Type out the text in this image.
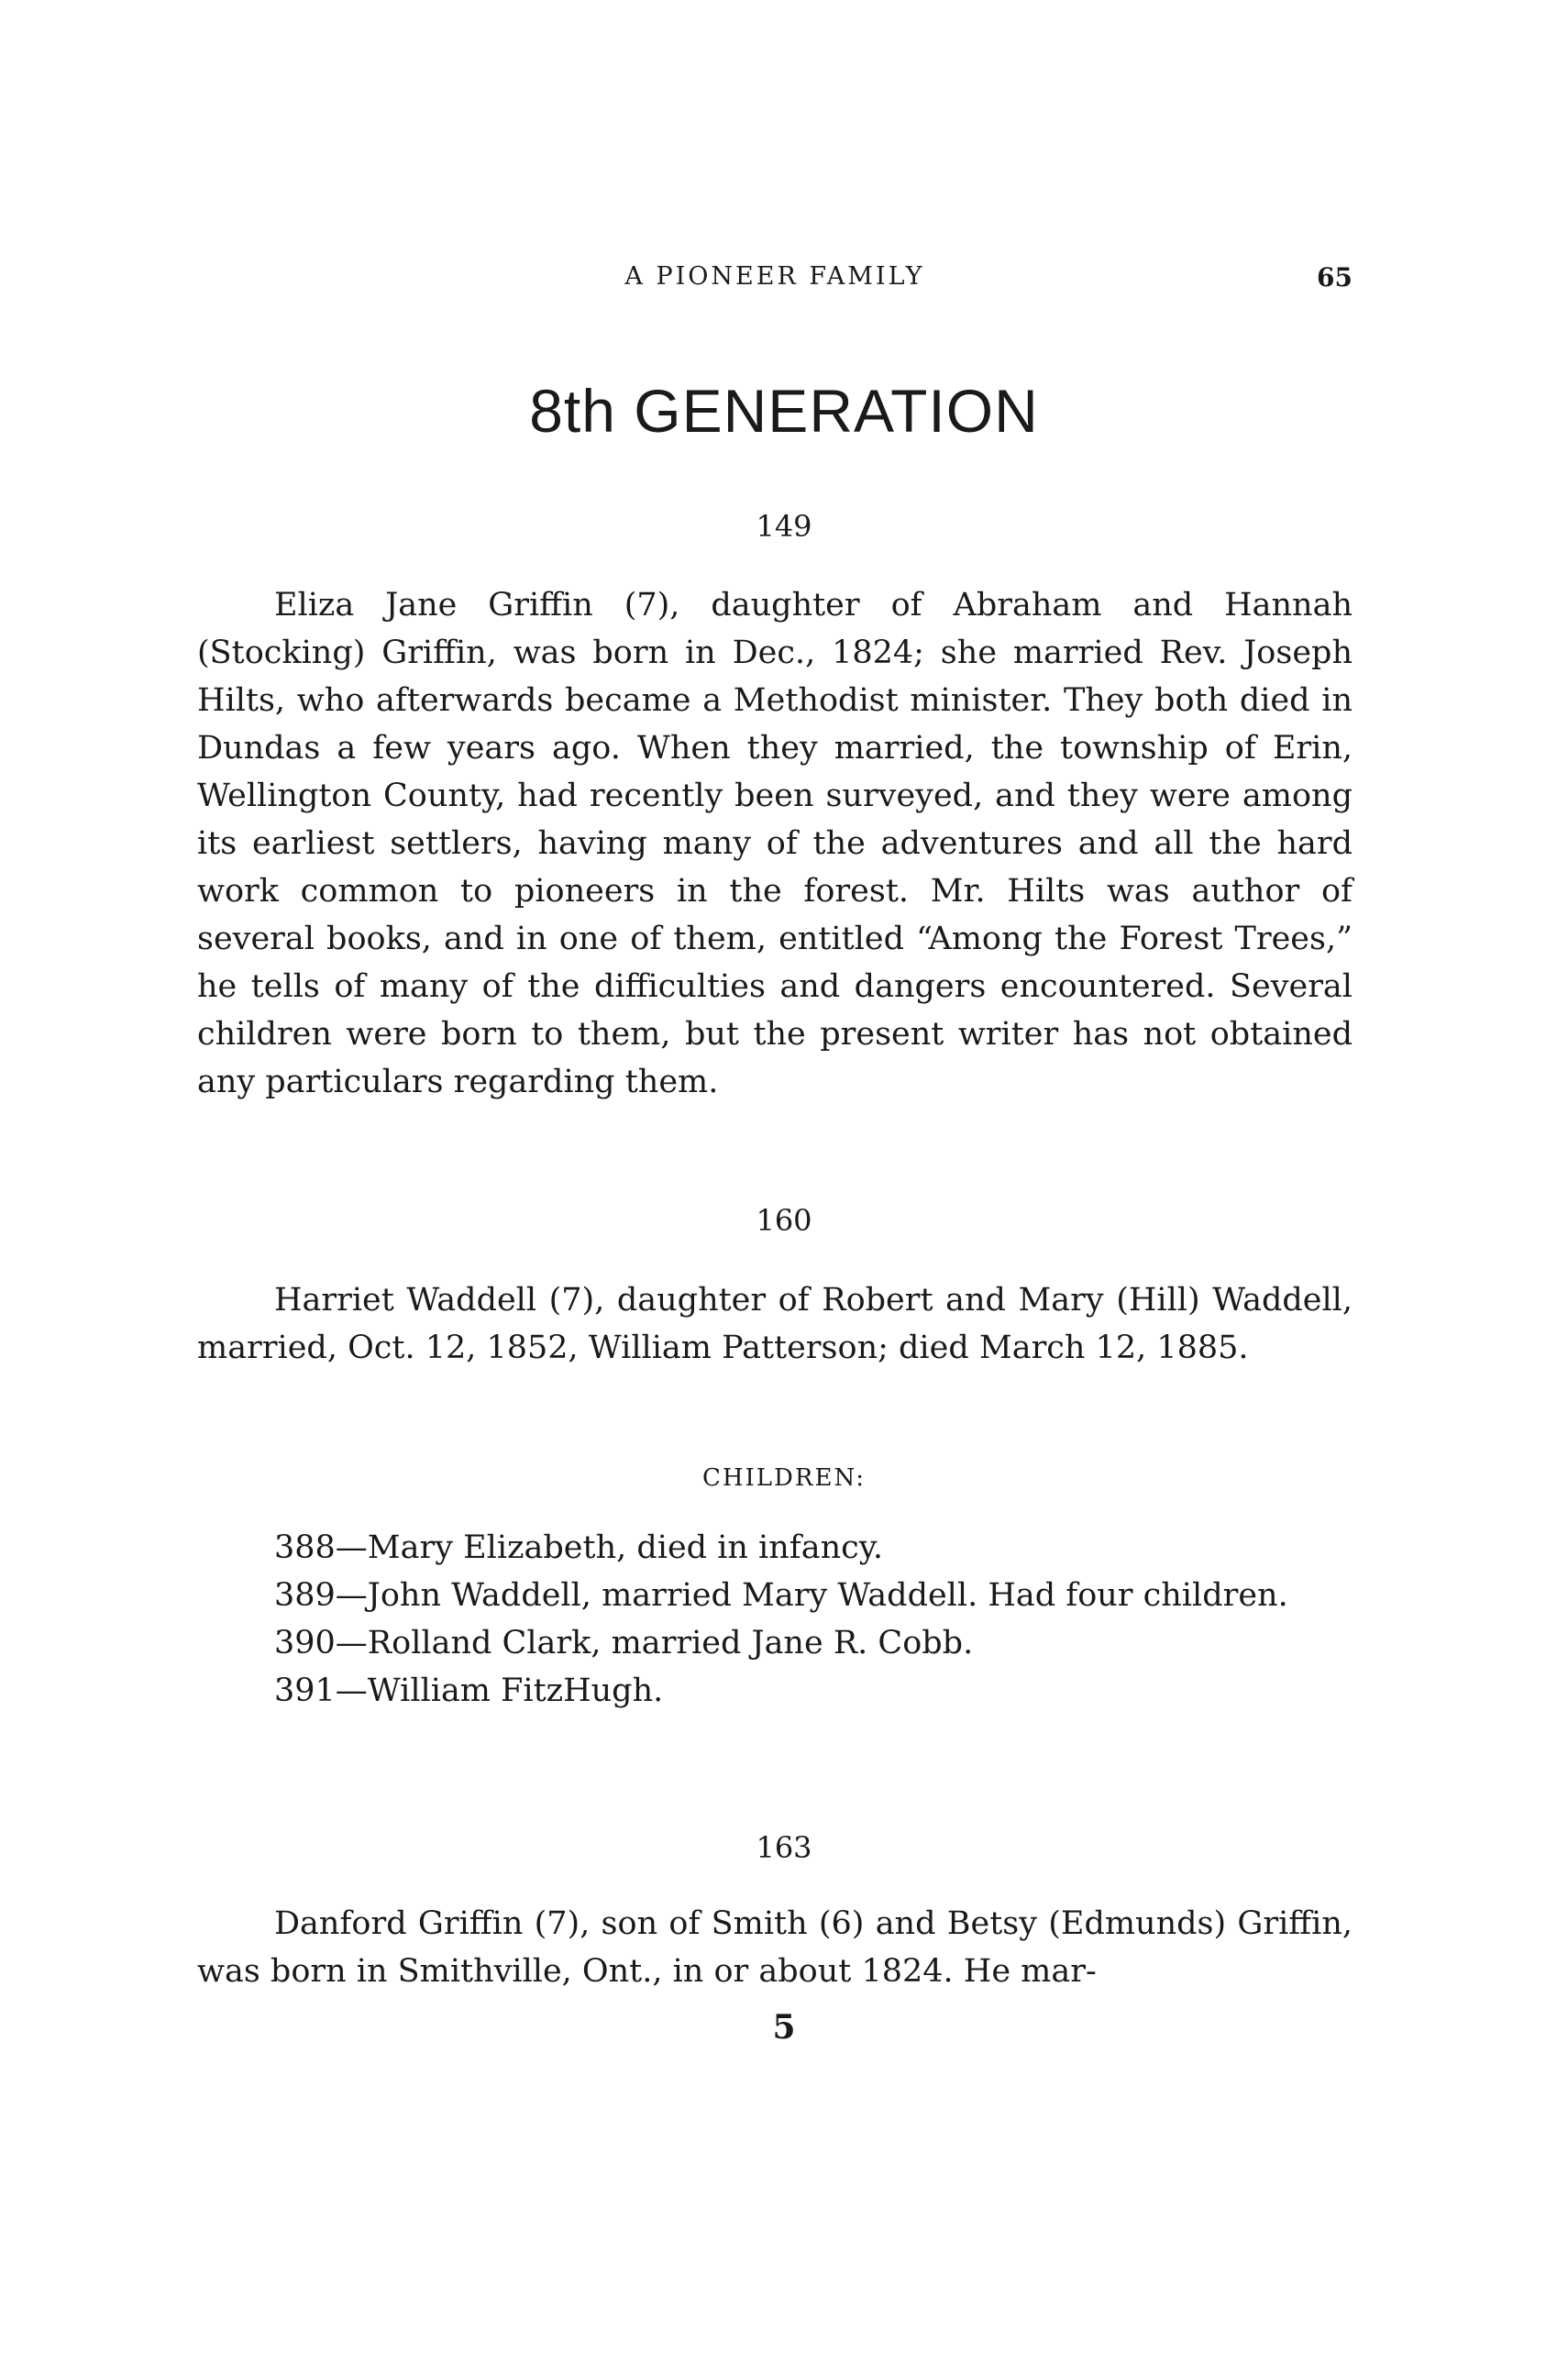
A PIONEER FAMILY	65
8th GENERATION
149

Eliza Jane Griffin (7), daughter of Abraham and Hannah (Stocking) Griffin, was born in Dec., 1824; she married Rev. Joseph Hilts, who afterwards became a Methodist minister. They both died in Dundas a few years ago. When they married, the township of Erin, Wellington County, had recently been surveyed, and they were among its earliest settlers, having many of the adventures and all the hard work common to pioneers in the forest. Mr. Hilts was author of several books, and in one of them, entitled “Among the Forest Trees,” he tells of many of the difficulties and dangers encountered. Several children were born to them, but the present writer has not obtained any particulars regarding them.

160

Harriet Waddell (7), daughter of Robert and Mary (Hill) Waddell, married, Oct. 12, 1852, William Patterson; died March 12, 1885.

CHILDREN:
388—Mary Elizabeth, died in infancy.
389—John Waddell, married Mary Waddell. Had four children.
390—Rolland Clark, married Jane R. Cobb.
391—William FitzHugh.
163

Danford Griffin (7), son of Smith (6) and Betsy (Edmunds) Griffin, was born in Smithville, Ont., in or about 1824. He mar-

5
